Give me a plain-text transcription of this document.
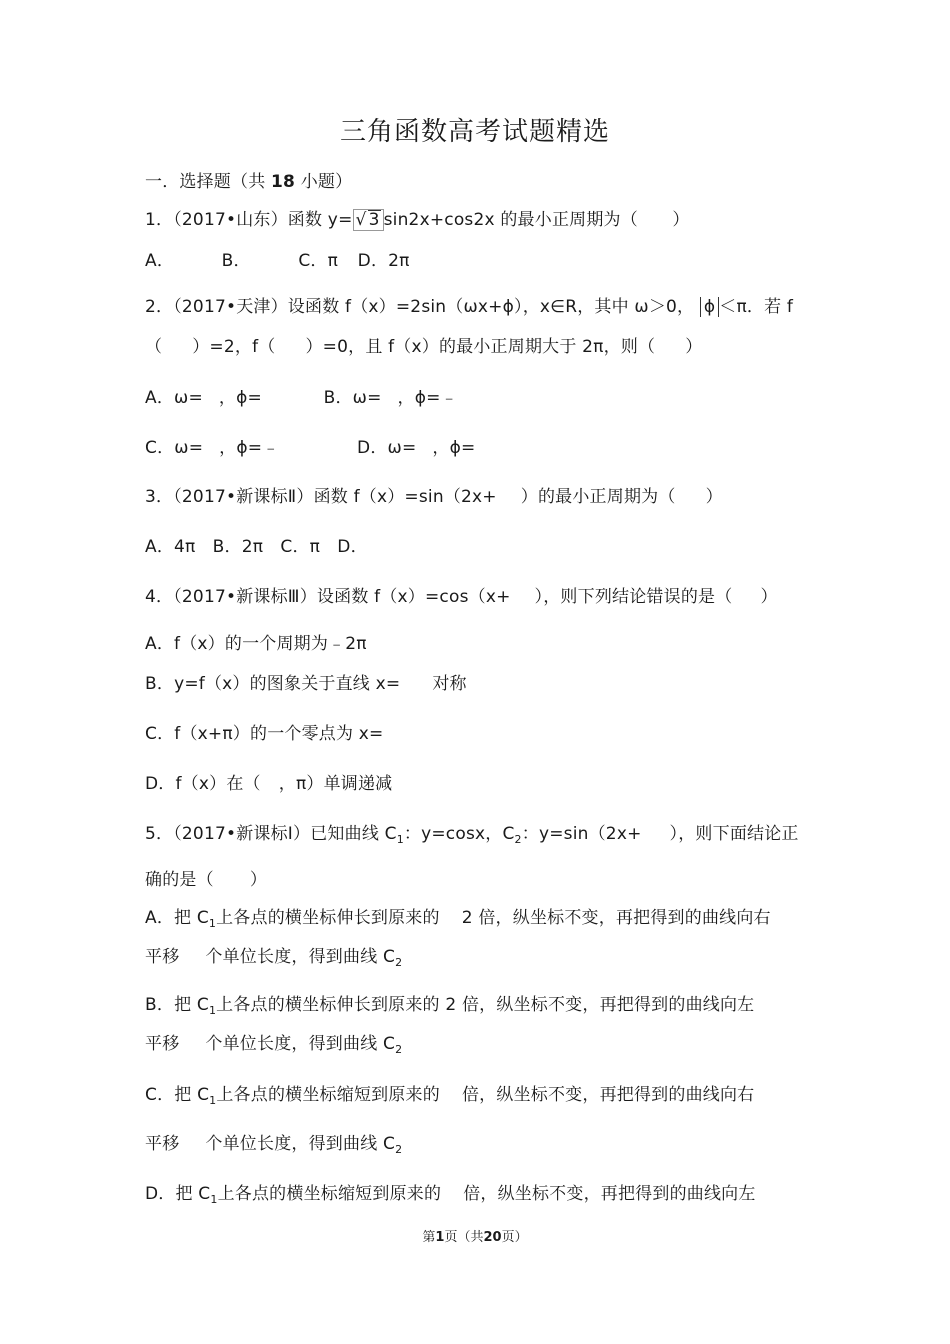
三角函数高考试题精选
一．选择题（共 18 小题）
1．（2017•山东）函数 y= √ 3 sin2x+cos2x 的最小正周期为（　　）
A．	B．	C．π D．2π
2．（2017•天津）设函数 f（x）=2sin（ωx+ϕ），x∈R，其中 ω＞0， ϕ ＜π．若 f
（ ）=2，f（ ）=0，且 f（x）的最小正周期大于 2π，则（ ）
A．ω= ，ϕ=	B．ω= ，ϕ=﹣
C．ω= ，ϕ=﹣	D．ω= ，ϕ=
3．（2017•新课标Ⅱ）函数 f（x）=sin（2x+ ）的最小正周期为（ ）
A．4π　B．2π　C．π　D．
4．（2017•新课标Ⅲ）设函数 f（x）=cos（x+ ），则下列结论错误的是（ ）
A．f（x）的一个周期为﹣2π
B．y=f（x）的图象关于直线 x= 对称
C．f（x+π）的一个零点为 x=
D．f（x）在（ ，π）单调递减
5．（2017•新课标Ⅰ）已知曲线 $C_1$：y=cosx，$C_2$：y=sin（2x+ ），则下面结论正
确的是（ ）
A．把 $C_1$上各点的横坐标伸长到原来的 2 倍，纵坐标不变，再把得到的曲线向右
平移 个单位长度，得到曲线 $C_2$
B．把 $C_1$上各点的横坐标伸长到原来的 2 倍，纵坐标不变，再把得到的曲线向左
平移 个单位长度，得到曲线 $C_2$
C．把 $C_1$上各点的横坐标缩短到原来的 倍，纵坐标不变，再把得到的曲线向右
平移 个单位长度，得到曲线 $C_2$
D．把 $C_1$上各点的横坐标缩短到原来的 倍，纵坐标不变，再把得到的曲线向左
第1页（共20页）
